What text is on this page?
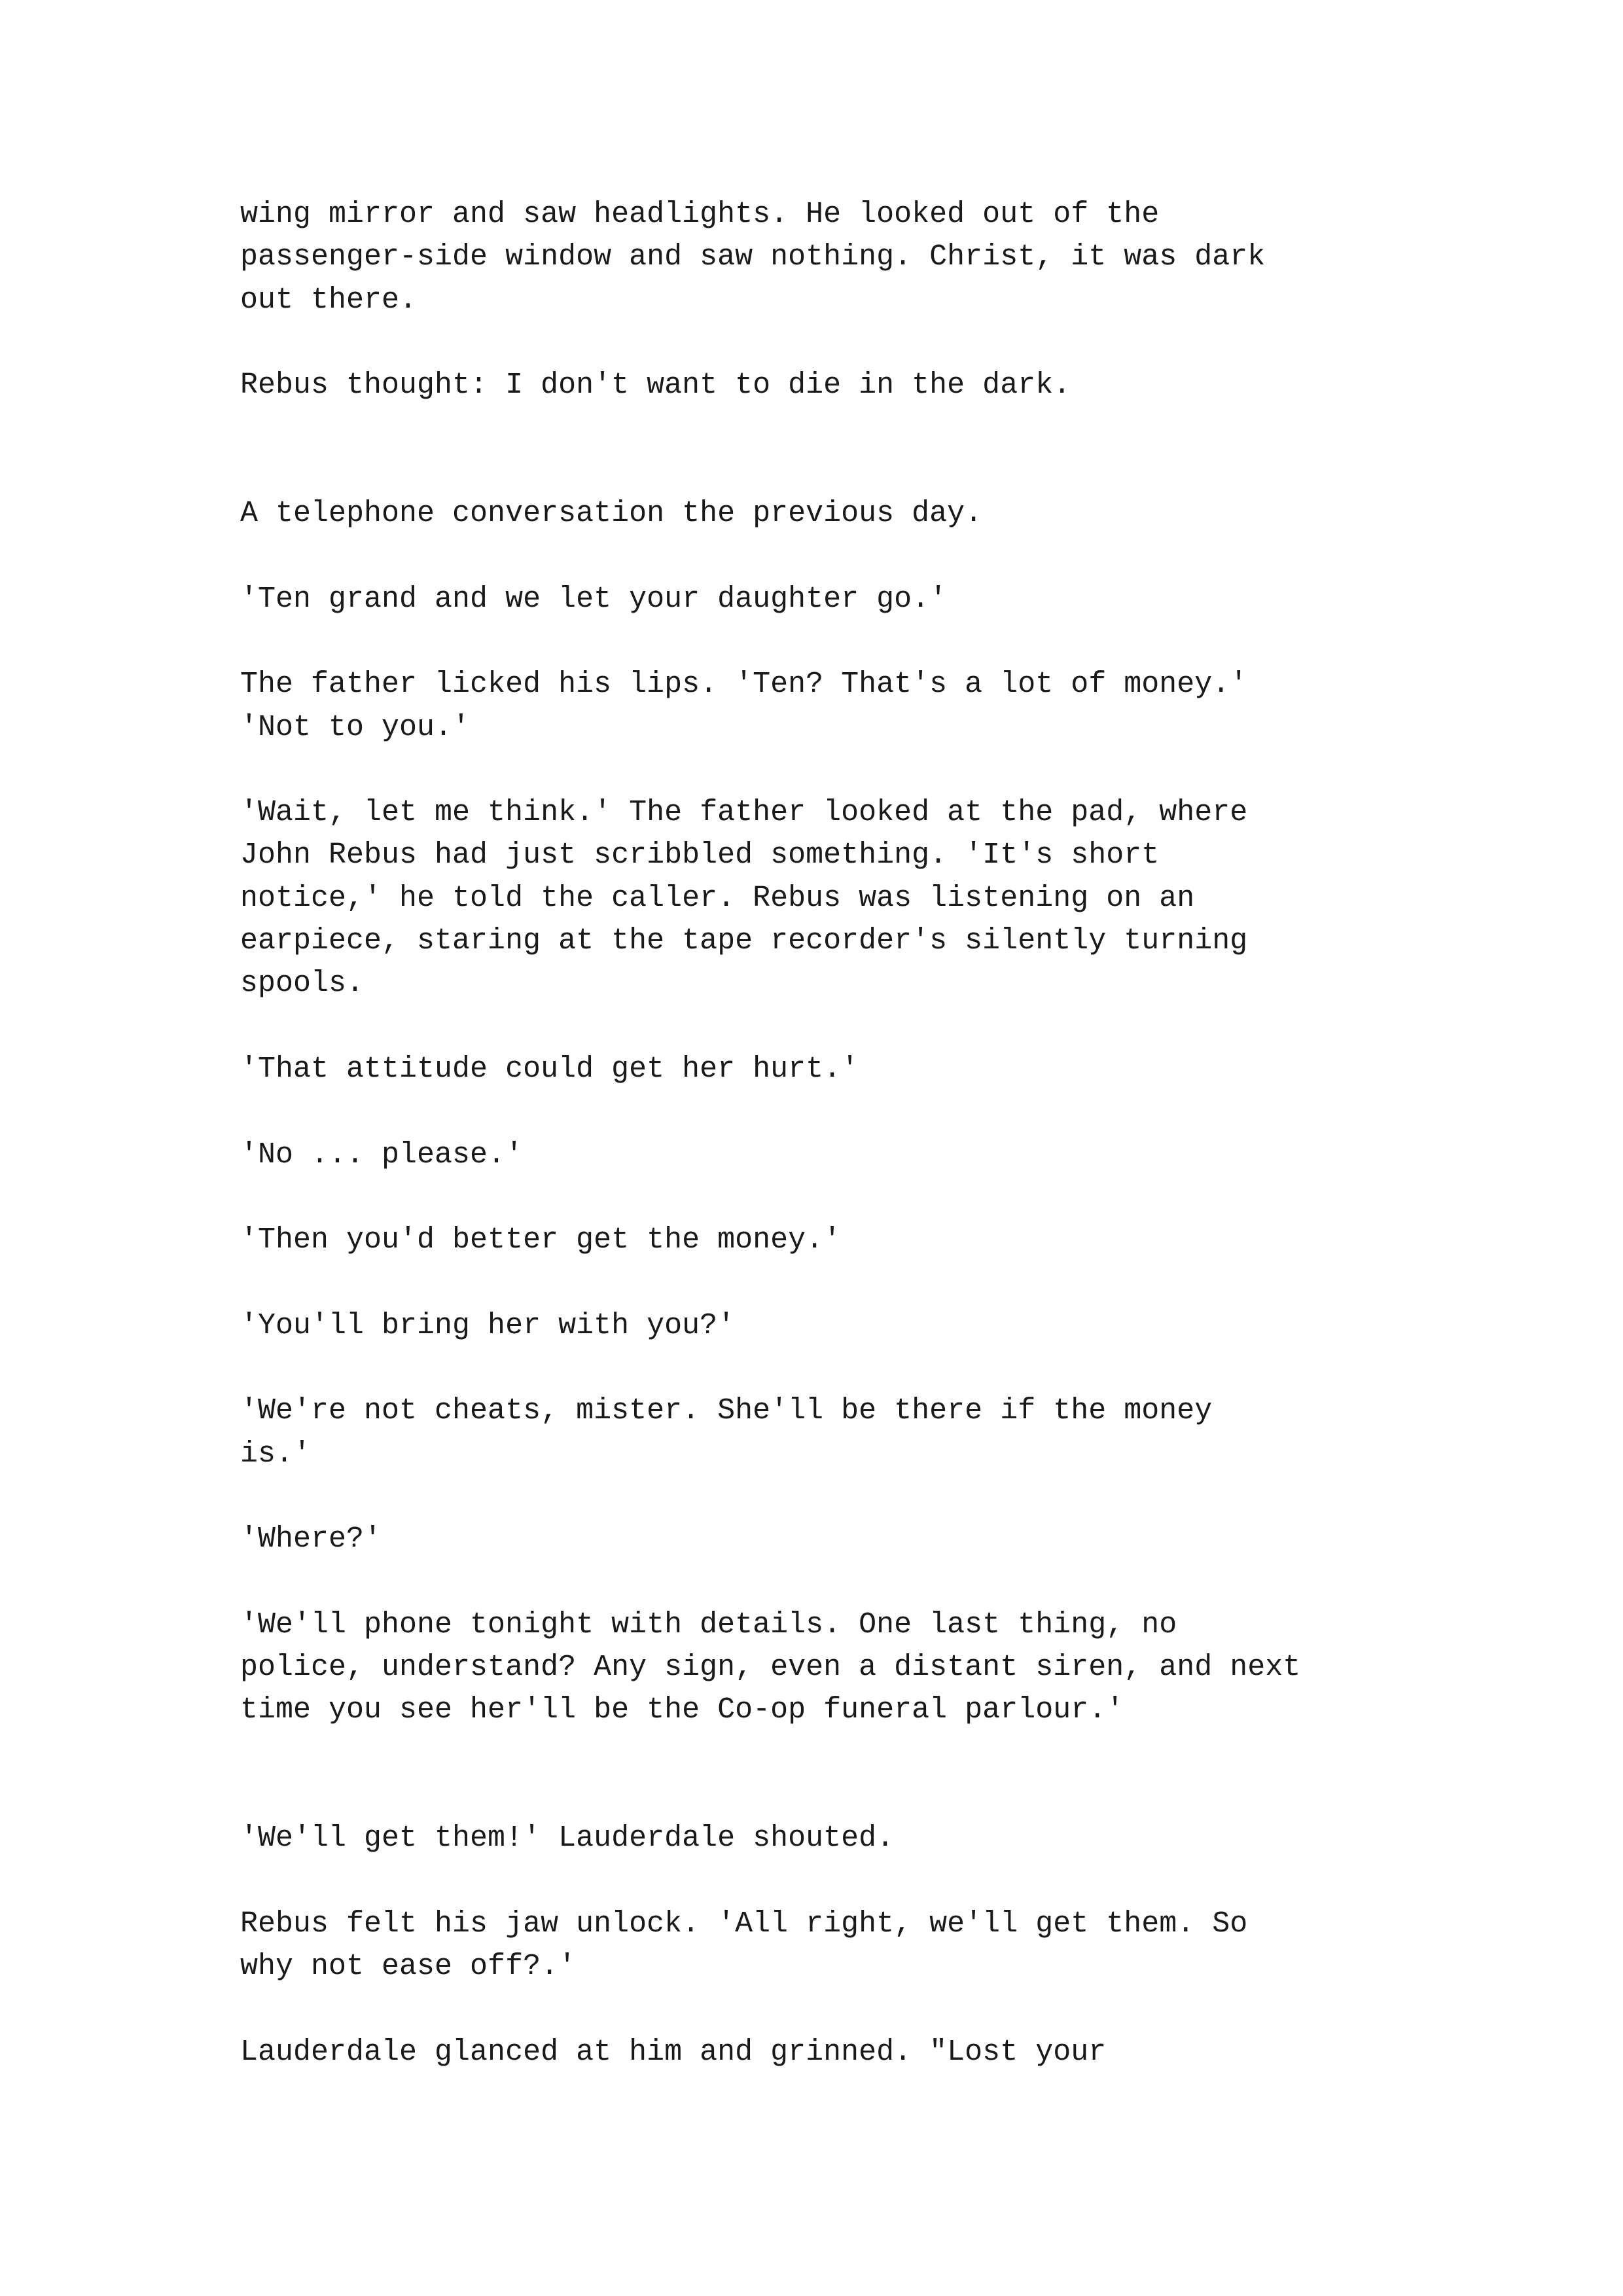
wing mirror and saw headlights. He looked out of the
passenger-side window and saw nothing. Christ, it was dark
out there.
Rebus thought: I don't want to die in the dark.
A telephone conversation the previous day.
'Ten grand and we let your daughter go.'
The father licked his lips. 'Ten? That's a lot of money.'
'Not to you.'
'Wait, let me think.' The father looked at the pad, where
John Rebus had just scribbled something. 'It's short
notice,' he told the caller. Rebus was listening on an
earpiece, staring at the tape recorder's silently turning
spools.
'That attitude could get her hurt.'
'No ... please.'
'Then you'd better get the money.'
'You'll bring her with you?'
'We're not cheats, mister. She'll be there if the money
is.'
'Where?'
'We'll phone tonight with details. One last thing, no
police, understand? Any sign, even a distant siren, and next
time you see her'll be the Co-op funeral parlour.'
'We'll get them!' Lauderdale shouted.
Rebus felt his jaw unlock. 'All right, we'll get them. So
why not ease off?.'
Lauderdale glanced at him and grinned. "Lost your
